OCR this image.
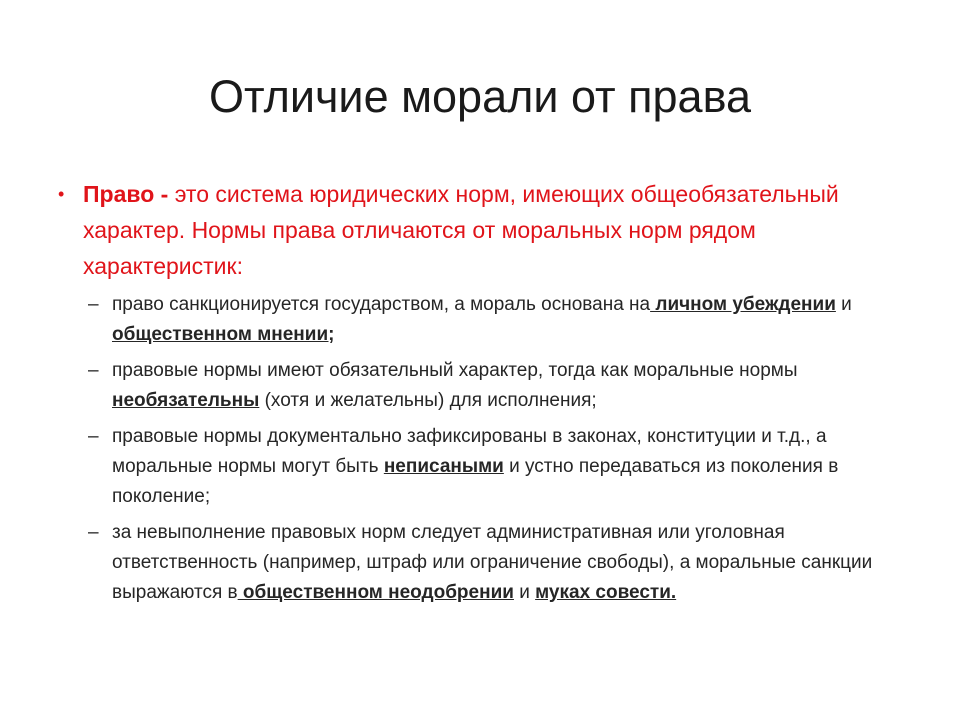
Отличие морали от права
• Право - это система юридических норм, имеющих общеобязательный характер. Нормы права отличаются от моральных норм рядом характеристик:
– право санкционируется государством, а мораль основана на личном убеждении и общественном мнении;
– правовые нормы имеют обязательный характер, тогда как моральные нормы необязательны (хотя и желательны) для исполнения;
– правовые нормы документально зафиксированы в законах, конституции и т.д., а моральные нормы могут быть неписаными и устно передаваться из поколения в поколение;
– за невыполнение правовых норм следует административная или уголовная ответственность (например, штраф или ограничение свободы), а моральные санкции выражаются в общественном неодобрении и муках совести.
